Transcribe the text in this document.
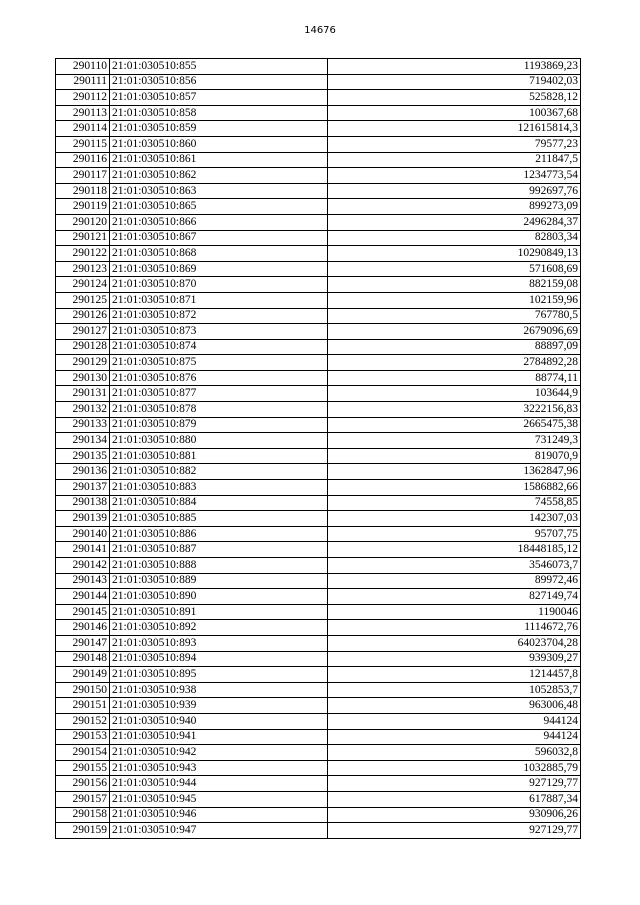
14676
290110	21:01:030510:855	1193869,23
290111	21:01:030510:856	719402,03
290112	21:01:030510:857	525828,12
290113	21:01:030510:858	100367,68
290114	21:01:030510:859	121615814,3
290115	21:01:030510:860	79577,23
290116	21:01:030510:861	211847,5
290117	21:01:030510:862	1234773,54
290118	21:01:030510:863	992697,76
290119	21:01:030510:865	899273,09
290120	21:01:030510:866	2496284,37
290121	21:01:030510:867	82803,34
290122	21:01:030510:868	10290849,13
290123	21:01:030510:869	571608,69
290124	21:01:030510:870	882159,08
290125	21:01:030510:871	102159,96
290126	21:01:030510:872	767780,5
290127	21:01:030510:873	2679096,69
290128	21:01:030510:874	88897,09
290129	21:01:030510:875	2784892,28
290130	21:01:030510:876	88774,11
290131	21:01:030510:877	103644,9
290132	21:01:030510:878	3222156,83
290133	21:01:030510:879	2665475,38
290134	21:01:030510:880	731249,3
290135	21:01:030510:881	819070,9
290136	21:01:030510:882	1362847,96
290137	21:01:030510:883	1586882,66
290138	21:01:030510:884	74558,85
290139	21:01:030510:885	142307,03
290140	21:01:030510:886	95707,75
290141	21:01:030510:887	18448185,12
290142	21:01:030510:888	3546073,7
290143	21:01:030510:889	89972,46
290144	21:01:030510:890	827149,74
290145	21:01:030510:891	1190046
290146	21:01:030510:892	1114672,76
290147	21:01:030510:893	64023704,28
290148	21:01:030510:894	939309,27
290149	21:01:030510:895	1214457,8
290150	21:01:030510:938	1052853,7
290151	21:01:030510:939	963006,48
290152	21:01:030510:940	944124
290153	21:01:030510:941	944124
290154	21:01:030510:942	596032,8
290155	21:01:030510:943	1032885,79
290156	21:01:030510:944	927129,77
290157	21:01:030510:945	617887,34
290158	21:01:030510:946	930906,26
290159	21:01:030510:947	927129,77
